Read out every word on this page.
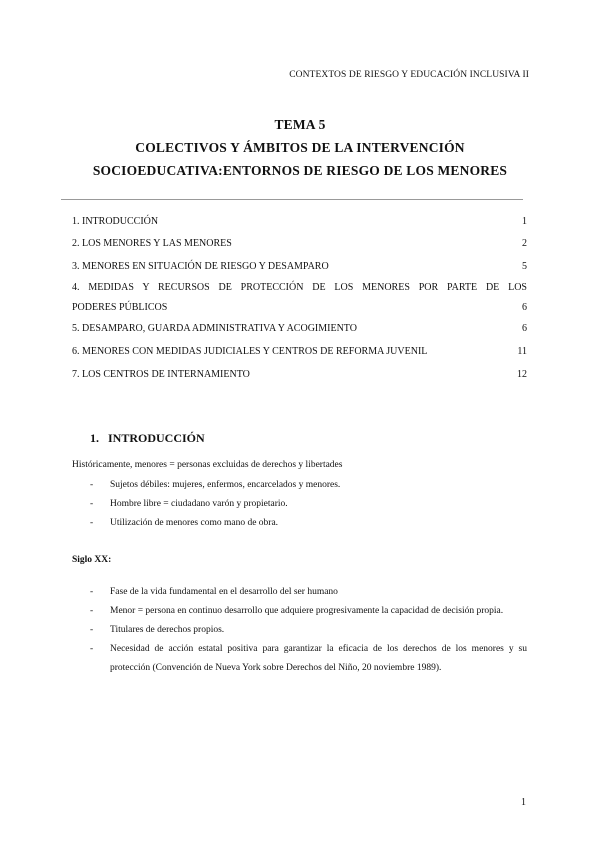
CONTEXTOS DE RIESGO Y EDUCACIÓN INCLUSIVA II
TEMA 5
COLECTIVOS Y ÁMBITOS DE LA INTERVENCIÓN
SOCIOEDUCATIVA:ENTORNOS DE RIESGO DE LOS MENORES
1. INTRODUCCIÓN	1
2. LOS MENORES Y LAS MENORES	2
3. MENORES EN SITUACIÓN DE RIESGO Y DESAMPARO	5
4. MEDIDAS Y RECURSOS DE PROTECCIÓN DE LOS MENORES POR PARTE DE LOS
PODERES PÚBLICOS	6
5. DESAMPARO, GUARDA ADMINISTRATIVA Y ACOGIMIENTO	6
6. MENORES CON MEDIDAS JUDICIALES Y CENTROS DE REFORMA JUVENIL	11
7. LOS CENTROS DE INTERNAMIENTO	12
1. INTRODUCCIÓN
Históricamente, menores = personas excluidas de derechos y libertades
- Sujetos débiles: mujeres, enfermos, encarcelados y menores.
- Hombre libre = ciudadano varón y propietario.
- Utilización de menores como mano de obra.
Siglo XX:
- Fase de la vida fundamental en el desarrollo del ser humano
- Menor = persona en continuo desarrollo que adquiere progresivamente la capacidad de decisión propia.
- Titulares de derechos propios.
- Necesidad de acción estatal positiva para garantizar la eficacia de los derechos de los menores y su protección (Convención de Nueva York sobre Derechos del Niño, 20 noviembre 1989).
1
